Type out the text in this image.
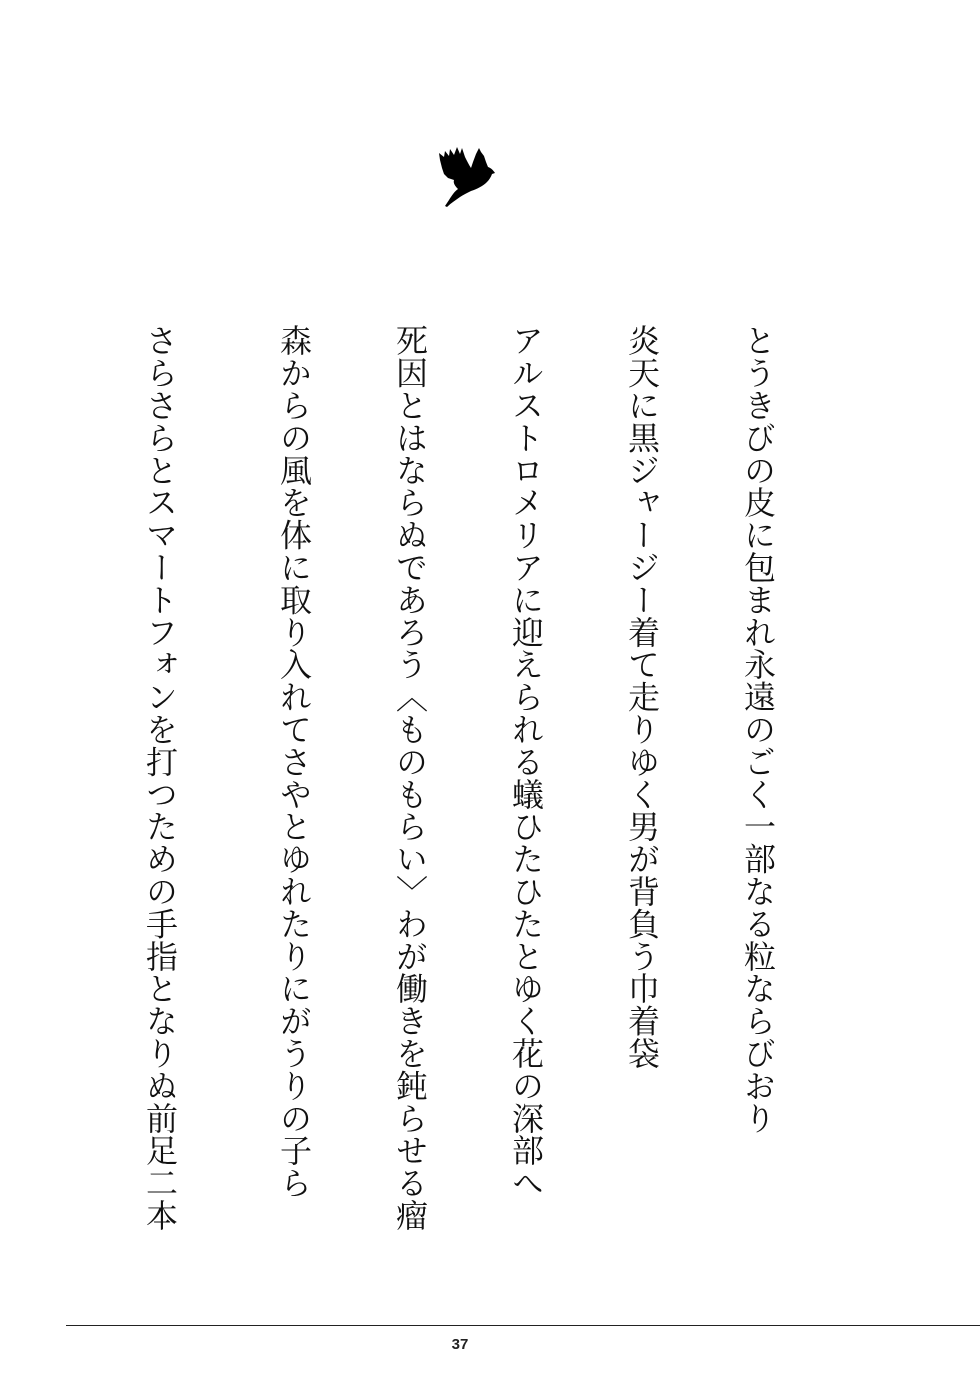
とうきびの皮に包まれ永遠のごく一部なる粒ならびおり
炎天に黒ジャージー着て走りゆく男が背負う巾着袋
アルストロメリアに迎えられる蟻ひたひたとゆく花の深部へ
死因とはならぬであろう〈ものもらい〉わが働きを鈍らせる瘤
森からの風を体に取り入れてさやとゆれたりにがうりの子ら
さらさらとスマートフォンを打つための手指となりぬ前足二本
37
